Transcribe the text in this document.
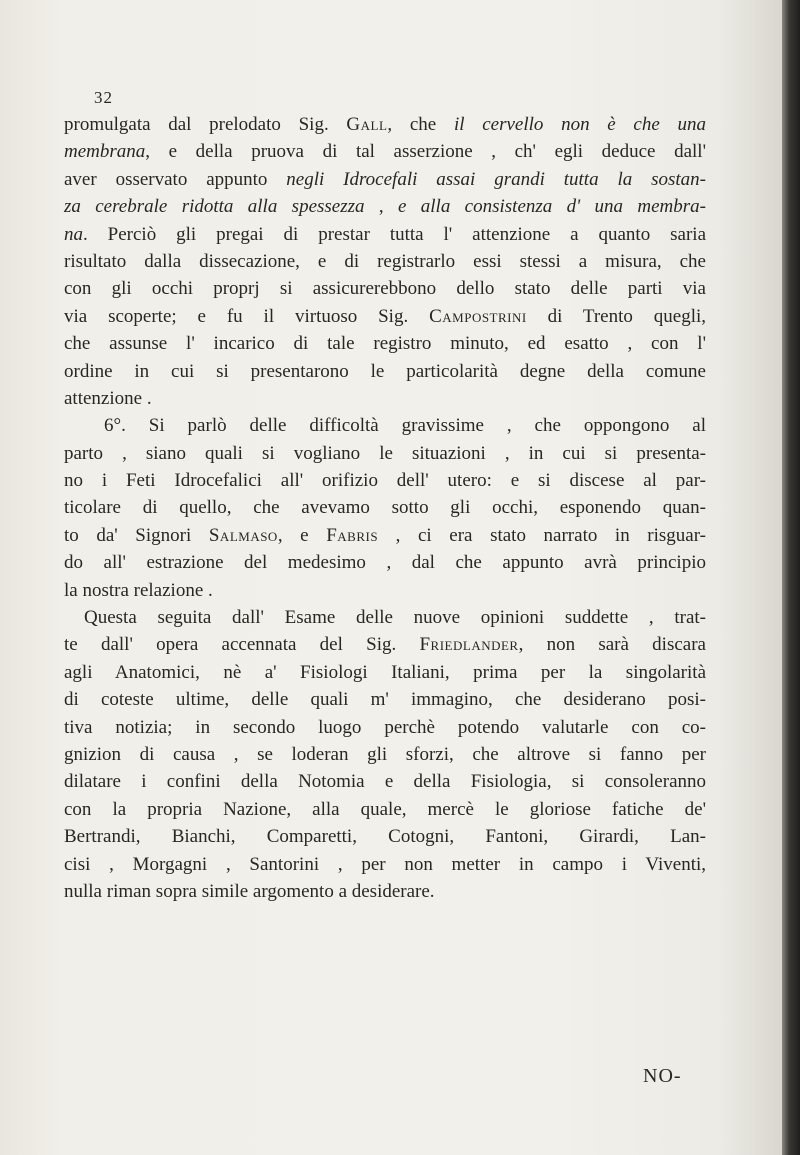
32
promulgata dal prelodato Sig. Gall, che il cervello non è che una
membrana, e della pruova di tal asserzione , ch' egli deduce dall'
aver osservato appunto negli Idrocefali assai grandi tutta la sostan-
za cerebrale ridotta alla spessezza , e alla consistenza d' una membra-
na. Perciò gli pregai di prestar tutta l' attenzione a quanto saria
risultato dalla dissecazione, e di registrarlo essi stessi a misura, che
con gli occhi proprj si assicurerebbono dello stato delle parti via
via scoperte; e fu il virtuoso Sig. Campostrini di Trento quegli,
che assunse l' incarico di tale registro minuto, ed esatto , con l'
ordine in cui si presentarono le particolarità degne della comune
attenzione .
6°. Si parlò delle difficoltà gravissime , che oppongono al
parto , siano quali si vogliano le situazioni , in cui si presenta-
no i Feti Idrocefalici all' orifizio dell' utero: e si discese al par-
ticolare di quello, che avevamo sotto gli occhi, esponendo quan-
to da' Signori Salmaso, e Fabris , ci era stato narrato in risguar-
do all' estrazione del medesimo , dal che appunto avrà principio
la nostra relazione .
Questa seguita dall' Esame delle nuove opinioni suddette , trat-
te dall' opera accennata del Sig. Friedlander, non sarà discara
agli Anatomici, nè a' Fisiologi Italiani, prima per la singolarità
di coteste ultime, delle quali m' immagino, che desiderano posi-
tiva notizia; in secondo luogo perchè potendo valutarle con co-
gnizion di causa , se loderan gli sforzi, che altrove si fanno per
dilatare i confini della Notomia e della Fisiologia, si consoleranno
con la propria Nazione, alla quale, mercè le gloriose fatiche de'
Bertrandi, Bianchi, Comparetti, Cotogni, Fantoni, Girardi, Lan-
cisi , Morgagni , Santorini , per non metter in campo i Viventi,
nulla riman sopra simile argomento a desiderare.
NO-
